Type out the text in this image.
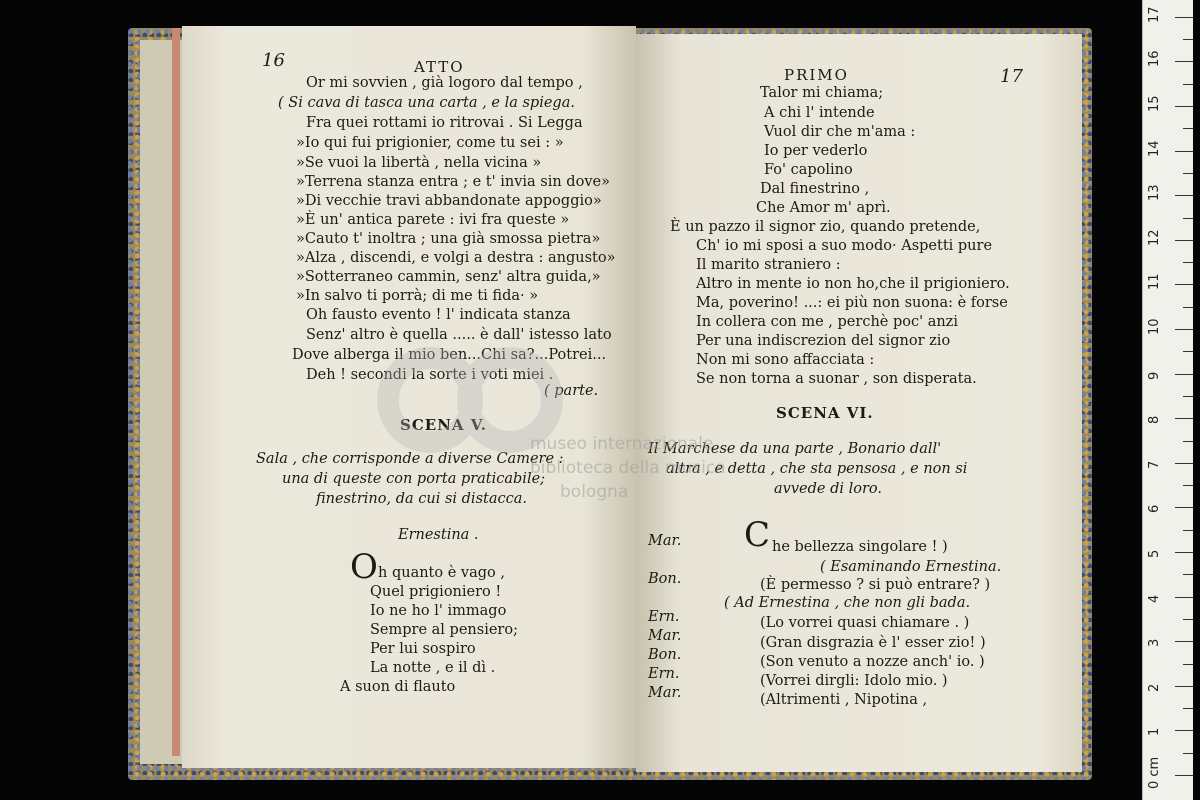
16	ATTO
Or mi sovvien , già logoro dal tempo ,
( Si cava di tasca una carta , e la spiega.
Fra quei rottami io ritrovai . Si Legga
»Io qui fui prigionier, come tu sei : »
»Se vuoi la libertà , nella vicina »
»Terrena stanza entra ; e t' invia sin dove»
»Di vecchie travi abbandonate appoggio»
»È un' antica parete : ivi fra queste »
»Cauto t' inoltra ; una già smossa pietra»
»Alza , discendi, e volgi a destra : angusto»
»Sotterraneo cammin, senz' altra guida,»
»In salvo ti porrà; di me ti fida· »
Oh fausto evento ! l' indicata stanza
Senz' altro è quella ..... è dall' istesso lato
Dove alberga il mio ben...Chi sa?...Potrei...
Deh ! secondi la sorte i voti miei .
( parte.
SCENA V.
Sala , che corrisponde a diverse Camere :
una di queste con porta praticabile;
finestrino, da cui si distacca.
Ernestina .
O h quanto è vago ,
Quel prigioniero !
Io ne ho l' immago
Sempre al pensiero;
Per lui sospiro
La notte , e il dì .
A suon di flauto
PRIMO	17
Talor mi chiama;
A chi l' intende
Vuol dir che m'ama :
Io per vederlo
Fo' capolino
Dal finestrino ,
Che Amor m' aprì.
È un pazzo il signor zio, quando pretende,
Ch' io mi sposi a suo modo· Aspetti pure
Il marito straniero :
Altro in mente io non ho,che il prigioniero.
Ma, poverino! ...: ei più non suona: è forse
In collera con me , perchè poc' anzi
Per una indiscrezion del signor zio
Non mi sono affacciata :
Se non torna a suonar , son disperata.
SCENA VI.
Il Marchese da una parte , Bonario dall'
altra , e detta , che sta pensosa , e non si
avvede di loro.
Mar. C he bellezza singolare ! )
( Esaminando Ernestina.
Bon.	(È permesso ? si può entrare? )
( Ad Ernestina , che non gli bada.
Ern.	(Lo vorrei quasi chiamare . )
Mar.	(Gran disgrazia è l' esser zio! )
Bon.	(Son venuto a nozze anch' io. )
Ern.	(Vorrei dirgli: Idolo mio. )
Mar.	(Altrimenti , Nipotina ,
museo internazionale
biblioteca della musica
bologna
0 cm
1
2
3
4
5
6
7
8
9
10
11
12
13
14
15
16
17
